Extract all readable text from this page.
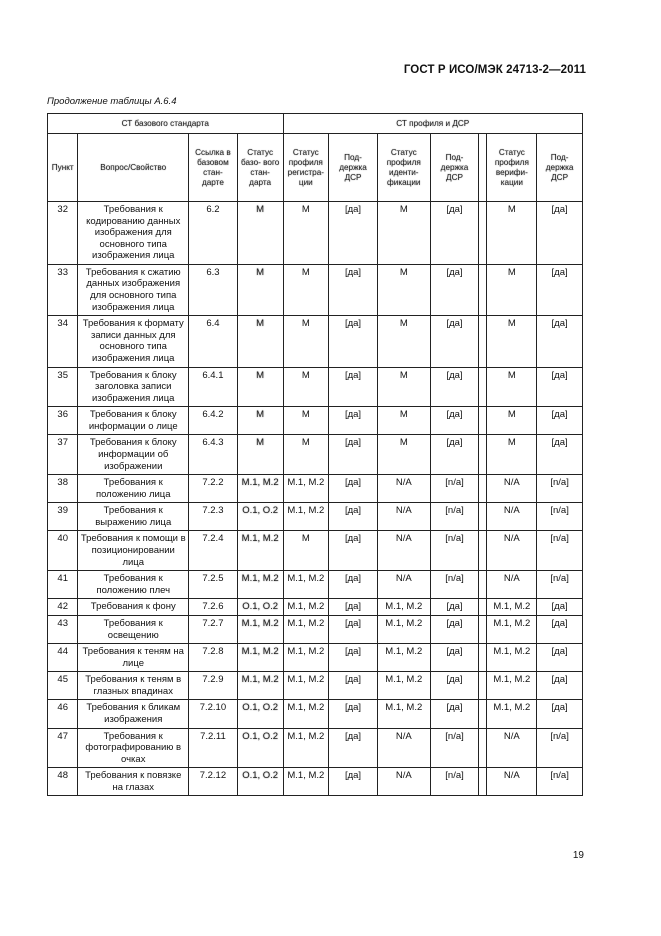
ГОСТ Р ИСО/МЭК 24713-2—2011
Продолжение таблицы А.6.4
СТ базового стандарта				СТ профиля и ДСР						
Пункт	Вопрос/Свойство	Ссылка в базовом стан- дарте	Статус базо- вого стан- дарта	Статус профиля регистра- ции	Под- держка ДСР	Статус профиля иденти- фикации	Под- держка ДСР		Статус профиля верифи- кации	Под- держка ДСР
32	Требования к кодированию данных изображения для основного типа изображения лица	6.2	M	M	[да]	M	[да]		M	[да]
33	Требования к сжатию данных изображения для основного типа изображения лица	6.3	M	M	[да]	M	[да]		M	[да]
34	Требования к формату записи данных для основного типа изображения лица	6.4	M	M	[да]	M	[да]		M	[да]
35	Требования к блоку заголовка записи изображения лица	6.4.1	M	M	[да]	M	[да]		M	[да]
36	Требования к блоку информации о лице	6.4.2	M	M	[да]	M	[да]		M	[да]
37	Требования к блоку информации об изображении	6.4.3	M	M	[да]	M	[да]		M	[да]
38	Требования к положению лица	7.2.2	M.1, M.2	M.1, M.2	[да]	N/A	[n/a]		N/A	[n/a]
39	Требования к выражению лица	7.2.3	O.1, O.2	M.1, M.2	[да]	N/A	[n/a]		N/A	[n/a]
40	Требования к помощи в позиционировании лица	7.2.4	M.1, M.2	M	[да]	N/A	[n/a]		N/A	[n/a]
41	Требования к положению плеч	7.2.5	M.1, M.2	M.1, M.2	[да]	N/A	[n/a]		N/A	[n/a]
42	Требования к фону	7.2.6	O.1, O.2	M.1, M.2	[да]	M.1, M.2	[да]		M.1, M.2	[да]
43	Требования к освещению	7.2.7	M.1, M.2	M.1, M.2	[да]	M.1, M.2	[да]		M.1, M.2	[да]
44	Требования к теням на лице	7.2.8	M.1, M.2	M.1, M.2	[да]	M.1, M.2	[да]		M.1, M.2	[да]
45	Требования к теням в глазных впадинах	7.2.9	M.1, M.2	M.1, M.2	[да]	M.1, M.2	[да]		M.1, M.2	[да]
46	Требования к бликам изображения	7.2.10	O.1, O.2	M.1, M.2	[да]	M.1, M.2	[да]		M.1, M.2	[да]
47	Требования к фотографированию в очках	7.2.11	O.1, O.2	M.1, M.2	[да]	N/A	[n/a]		N/A	[n/a]
48	Требования к повязке на глазах	7.2.12	O.1, O.2	M.1, M.2	[да]	N/A	[n/a]		N/A	[n/a]
19
